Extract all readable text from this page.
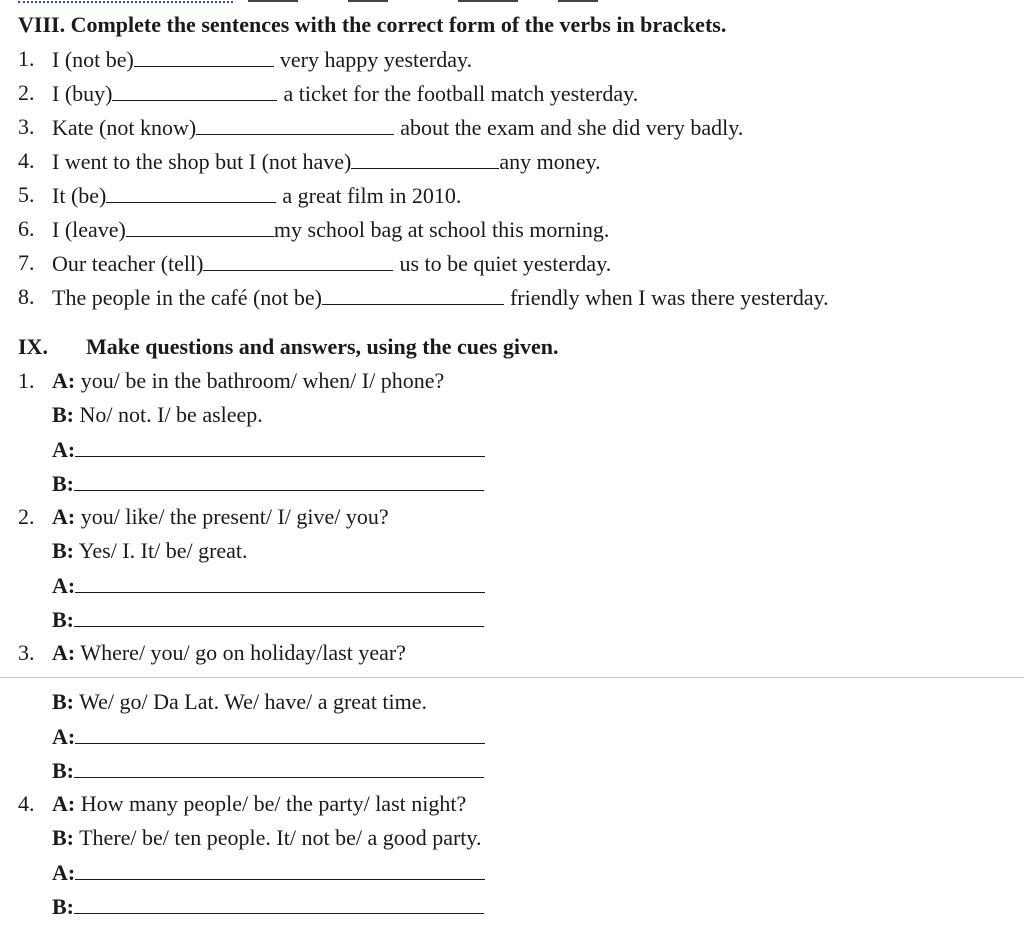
VIII. Complete the sentences with the correct form of the verbs in brackets.
1. I (not be)	very happy yesterday.
2. I (buy)	a ticket for the football match yesterday.
3. Kate (not know)	about the exam and she did very badly.
4. I went to the shop but I (not have)	any money.
5. It (be)	a great film in 2010.
6. I (leave)	my school bag at school this morning.
7. Our teacher (tell)	us to be quiet yesterday.
8. The people in the café (not be)	friendly when I was there yesterday.
IX. Make questions and answers, using the cues given.
1. A: you/ be in the bathroom/ when/ I/ phone?
B: No/ not. I/ be asleep.
A:
B:
2. A: you/ like/ the present/ I/ give/ you?
B: Yes/ I. It/ be/ great.
A:
B:
3. A: Where/ you/ go on holiday/last year?
B: We/ go/ Da Lat. We/ have/ a great time.
A:
B:
4. A: How many people/ be/ the party/ last night?
B: There/ be/ ten people. It/ not be/ a good party.
A:
B:
